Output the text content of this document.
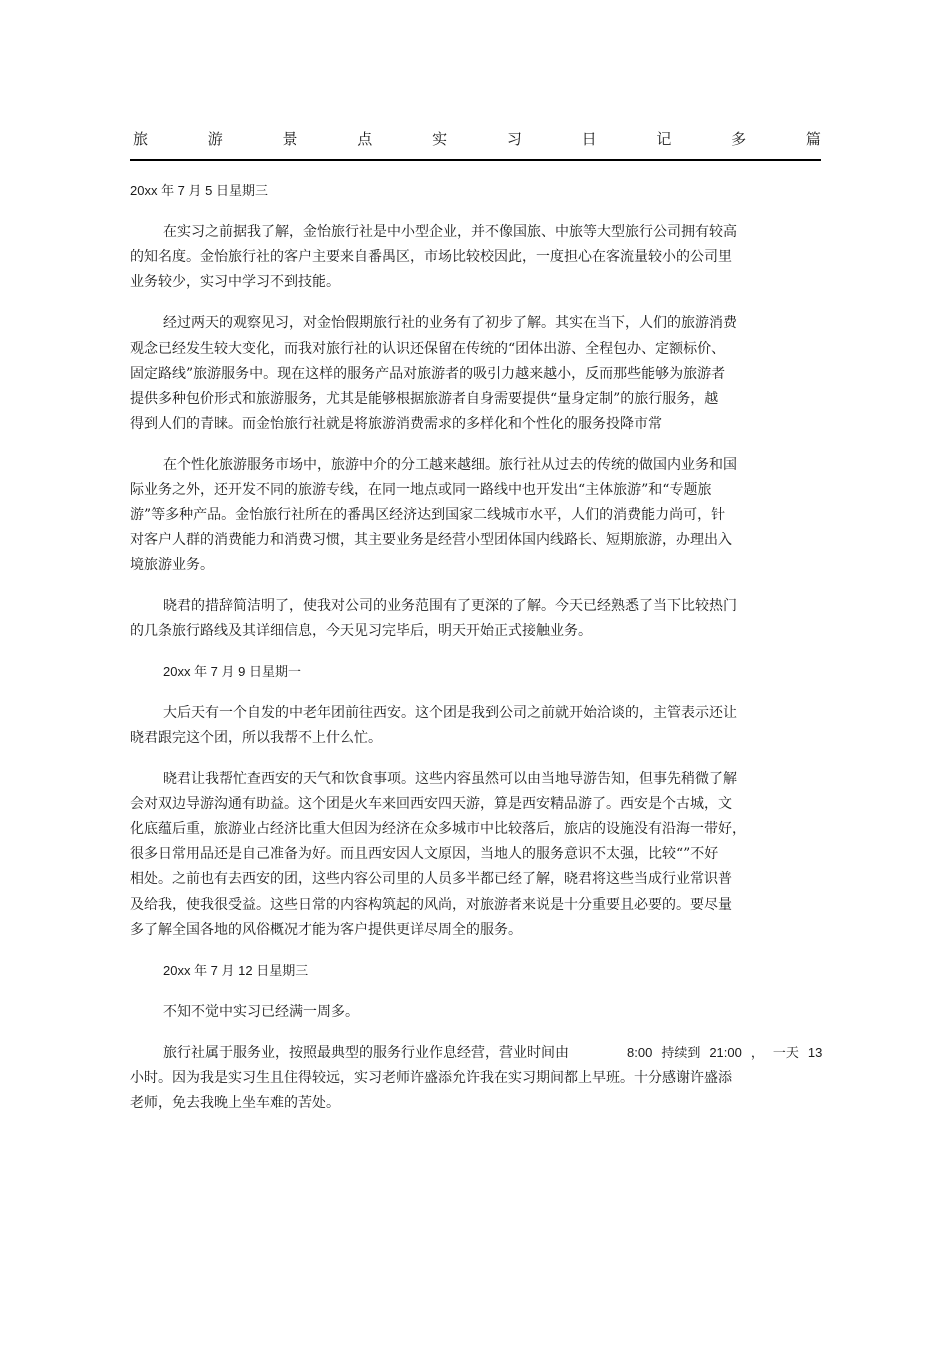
旅	游	景	点	实	习	日	记	多	篇
20xx 年 7 月 5 日星期三
在实习之前据我了解，金怡旅行社是中小型企业，并不像国旅、中旅等大型旅行公司拥有较高
的知名度。金怡旅行社的客户主要来自番禺区，市场比较校因此，一度担心在客流量较小的公司里
业务较少，实习中学习不到技能。
经过两天的观察见习，对金怡假期旅行社的业务有了初步了解。其实在当下，人们的旅游消费
观念已经发生较大变化，而我对旅行社的认识还保留在传统的“团体出游、全程包办、定额标价、
固定路线”旅游服务中。现在这样的服务产品对旅游者的吸引力越来越小，反而那些能够为旅游者
提供多种包价形式和旅游服务，尤其是能够根据旅游者自身需要提供“量身定制”的旅行服务，越
得到人们的青睐。而金怡旅行社就是将旅游消费需求的多样化和个性化的服务投降市常
在个性化旅游服务市场中，旅游中介的分工越来越细。旅行社从过去的传统的做国内业务和国
际业务之外，还开发不同的旅游专线，在同一地点或同一路线中也开发出“主体旅游”和“专题旅
游”等多种产品。金怡旅行社所在的番禺区经济达到国家二线城市水平，人们的消费能力尚可，针
对客户人群的消费能力和消费习惯，其主要业务是经营小型团体国内线路长、短期旅游，办理出入
境旅游业务。
晓君的措辞简洁明了，使我对公司的业务范围有了更深的了解。今天已经熟悉了当下比较热门
的几条旅行路线及其详细信息，今天见习完毕后，明天开始正式接触业务。
20xx 年 7 月 9 日星期一
大后天有一个自发的中老年团前往西安。这个团是我到公司之前就开始洽谈的，主管表示还让
晓君跟完这个团，所以我帮不上什么忙。
晓君让我帮忙查西安的天气和饮食事项。这些内容虽然可以由当地导游告知，但事先稍微了解
会对双边导游沟通有助益。这个团是火车来回西安四天游，算是西安精品游了。西安是个古城，文
化底蕴后重，旅游业占经济比重大但因为经济在众多城市中比较落后，旅店的设施没有沿海一带好，
很多日常用品还是自己准备为好。而且西安因人文原因，当地人的服务意识不太强，比较“”不好
相处。之前也有去西安的团，这些内容公司里的人员多半都已经了解，晓君将这些当成行业常识普
及给我，使我很受益。这些日常的内容构筑起的风尚，对旅游者来说是十分重要且必要的。要尽量
多了解全国各地的风俗概况才能为客户提供更详尽周全的服务。
20xx 年 7 月 12 日星期三
不知不觉中实习已经满一周多。
旅行社属于服务业，按照最典型的服务行业作息经营，营业时间由	8:00 持续到 21:00 ， 一天 13
小时。因为我是实习生且住得较远，实习老师许盛添允许我在实习期间都上早班。十分感谢许盛添
老师，免去我晚上坐车难的苦处。
